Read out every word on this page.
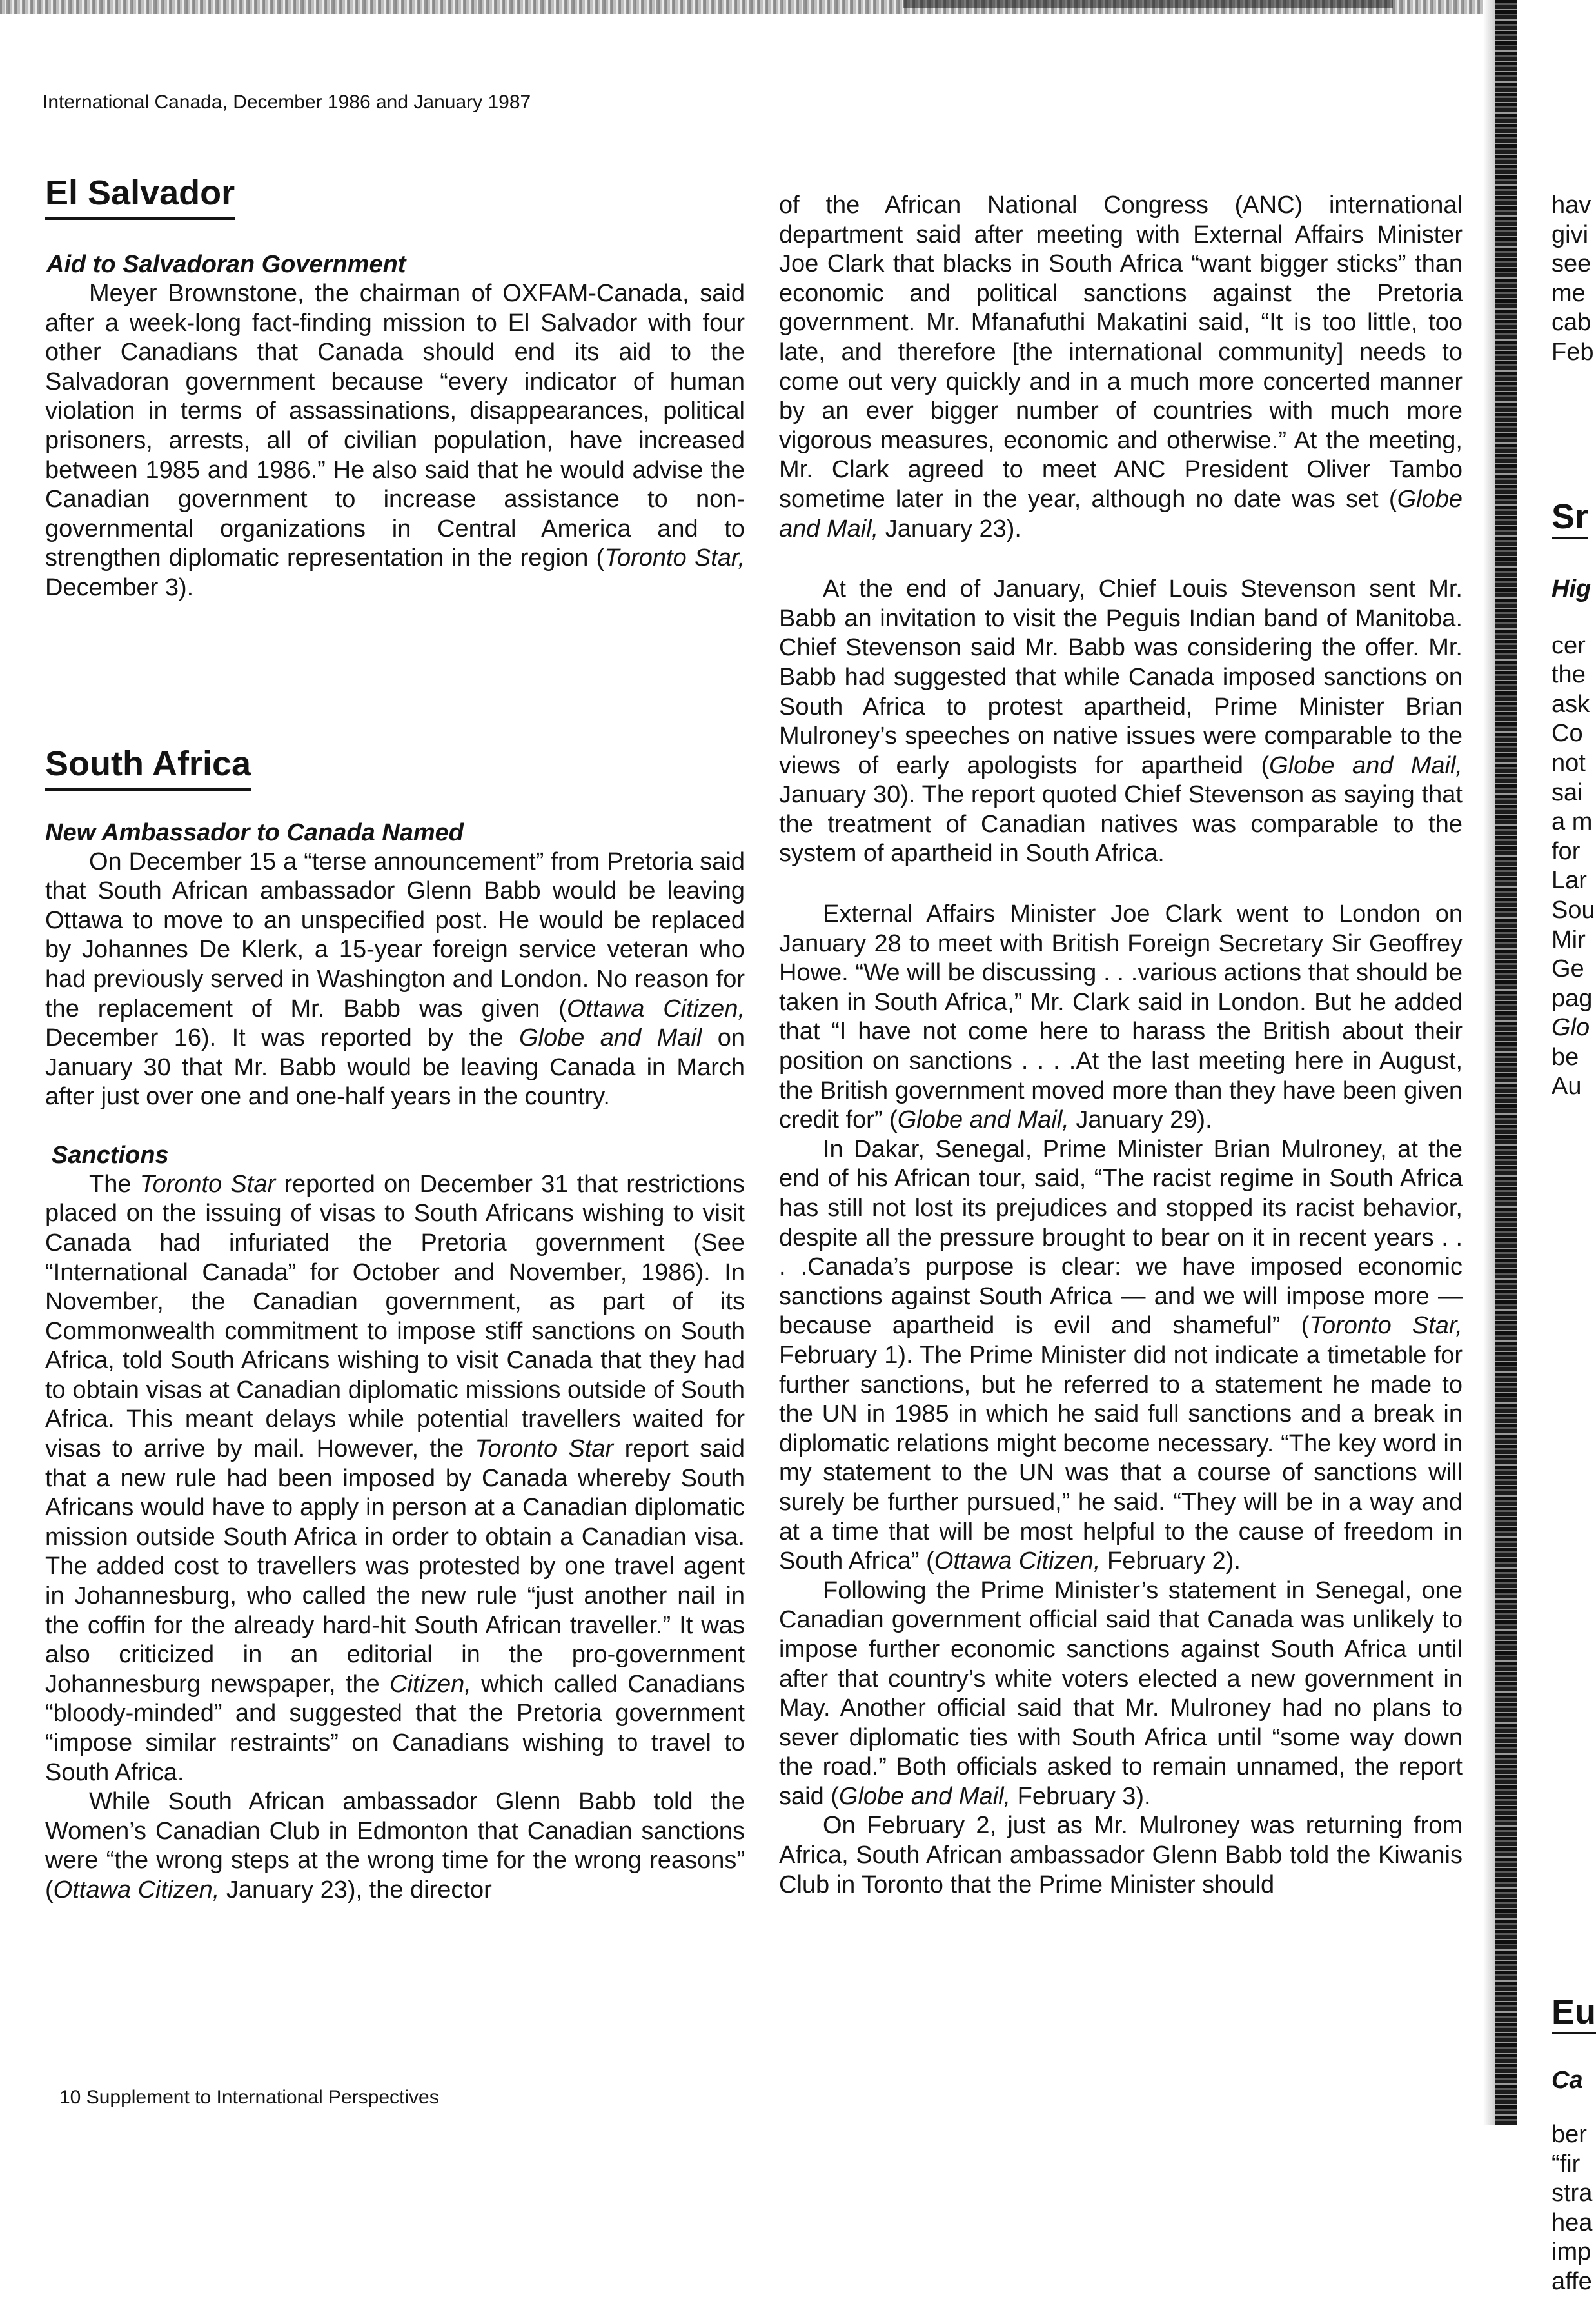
International Canada, December 1986 and January 1987
El Salvador
Aid to Salvadoran Government

Meyer Brownstone, the chairman of OXFAM-Canada, said after a week-long fact-finding mission to El Salvador with four other Canadians that Canada should end its aid to the Salvadoran government because “every indicator of human violation in terms of assassinations, disappearances, political prisoners, arrests, all of civilian population, have increased between 1985 and 1986.” He also said that he would advise the Canadian government to increase assistance to non-governmental organizations in Central America and to strengthen diplomatic representation in the region (Toronto Star, December 3).

South Africa
New Ambassador to Canada Named

On December 15 a “terse announcement” from Pretoria said that South African ambassador Glenn Babb would be leaving Ottawa to move to an unspecified post. He would be replaced by Johannes De Klerk, a 15-year foreign service veteran who had previously served in Washington and London. No reason for the replacement of Mr. Babb was given (Ottawa Citizen, December 16). It was reported by the Globe and Mail on January 30 that Mr. Babb would be leaving Canada in March after just over one and one-half years in the country.

Sanctions

The Toronto Star reported on December 31 that restrictions placed on the issuing of visas to South Africans wishing to visit Canada had infuriated the Pretoria government (See “International Canada” for October and November, 1986). In November, the Canadian government, as part of its Commonwealth commitment to impose stiff sanctions on South Africa, told South Africans wishing to visit Canada that they had to obtain visas at Canadian diplomatic missions outside of South Africa. This meant delays while potential travellers waited for visas to arrive by mail. However, the Toronto Star report said that a new rule had been imposed by Canada whereby South Africans would have to apply in person at a Canadian diplomatic mission outside South Africa in order to obtain a Canadian visa. The added cost to travellers was protested by one travel agent in Johannesburg, who called the new rule “just another nail in the coffin for the already hard-hit South African traveller.” It was also criticized in an editorial in the pro-government Johannesburg newspaper, the Citizen, which called Canadians “bloody-minded” and suggested that the Pretoria government “impose similar restraints” on Canadians wishing to travel to South Africa.

While South African ambassador Glenn Babb told the Women’s Canadian Club in Edmonton that Canadian sanctions were “the wrong steps at the wrong time for the wrong reasons” (Ottawa Citizen, January 23), the director

of the African National Congress (ANC) international department said after meeting with External Affairs Minister Joe Clark that blacks in South Africa “want bigger sticks” than economic and political sanctions against the Pretoria government. Mr. Mfanafuthi Makatini said, “It is too little, too late, and therefore [the international community] needs to come out very quickly and in a much more concerted manner by an ever bigger number of countries with much more vigorous measures, economic and otherwise.” At the meeting, Mr. Clark agreed to meet ANC President Oliver Tambo sometime later in the year, although no date was set (Globe and Mail, January 23).

At the end of January, Chief Louis Stevenson sent Mr. Babb an invitation to visit the Peguis Indian band of Manitoba. Chief Stevenson said Mr. Babb was considering the offer. Mr. Babb had suggested that while Canada imposed sanctions on South Africa to protest apartheid, Prime Minister Brian Mulroney’s speeches on native issues were comparable to the views of early apologists for apartheid (Globe and Mail, January 30). The report quoted Chief Stevenson as saying that the treatment of Canadian natives was comparable to the system of apartheid in South Africa.

External Affairs Minister Joe Clark went to London on January 28 to meet with British Foreign Secretary Sir Geoffrey Howe. “We will be discussing . . .various actions that should be taken in South Africa,” Mr. Clark said in London. But he added that “I have not come here to harass the British about their position on sanctions . . . .At the last meeting here in August, the British government moved more than they have been given credit for” (Globe and Mail, January 29).

In Dakar, Senegal, Prime Minister Brian Mulroney, at the end of his African tour, said, “The racist regime in South Africa has still not lost its prejudices and stopped its racist behavior, despite all the pressure brought to bear on it in recent years . . . .Canada’s purpose is clear: we have imposed economic sanctions against South Africa — and we will impose more — because apartheid is evil and shameful” (Toronto Star, February 1). The Prime Minister did not indicate a timetable for further sanctions, but he referred to a statement he made to the UN in 1985 in which he said full sanctions and a break in diplomatic relations might become necessary. “The key word in my statement to the UN was that a course of sanctions will surely be further pursued,” he said. “They will be in a way and at a time that will be most helpful to the cause of freedom in South Africa” (Ottawa Citizen, February 2).

Following the Prime Minister’s statement in Senegal, one Canadian government official said that Canada was unlikely to impose further economic sanctions against South Africa until after that country’s white voters elected a new government in May. Another official said that Mr. Mulroney had no plans to sever diplomatic ties with South Africa until “some way down the road.” Both officials asked to remain unnamed, the report said (Globe and Mail, February 3).

On February 2, just as Mr. Mulroney was returning from Africa, South African ambassador Glenn Babb told the Kiwanis Club in Toronto that the Prime Minister should

hav
givi
see
me
cab
Feb
Sr
Hig
cer
the
ask
Co
not
sai
a m
for
Lar
Sou
Mir
Ge
pag
Glo
be
Au
Eu
Ca
ber
“fir
stra
hea
imp
affe

10 Supplement to International Perspectives
